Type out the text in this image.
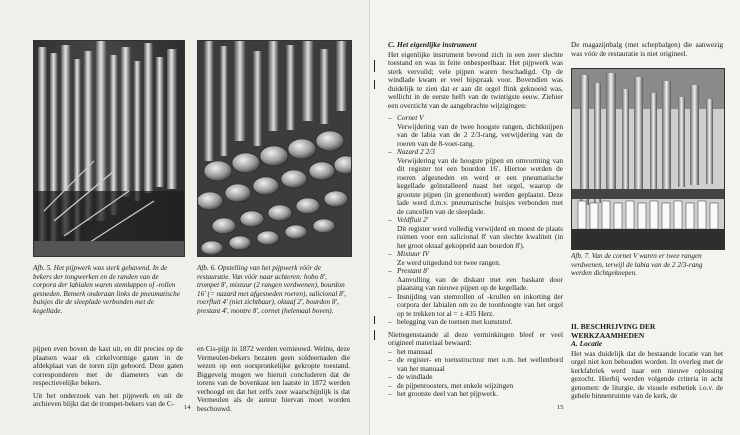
Afb. 5. Het pijpwerk was sterk gehavend. In de bekers der tongwerken en de randen van de corpora der labialen waren stemlappen of -rollen gesneden. Bemerk onderaan links de pneumatische buisjes die de sleeplade verbonden met de kegellade.
Afb. 6. Opstelling van het pijpwerk vóór de restauratie. Van vóór naar achteren: hobo 8', trompet 8', mixtuur (2 rangen verdwenen), bourdon 16' (= nazard met afgesneden roeren), salicional 8', roerfluit 4' (niet zichtbaar), oktaaf 2', bourdon 8', prestant 4', montre 8', cornet (helemaal boven).

pijpen even boven de kast uit, en dit precies op de plaatsen waar ek cirkelvormige gaten in de afdekplaat van de toren zijn geboord. Deze gaten corresponderen met de diameters van de respectievelijke bekers.

Uit het onderzoek van het pijpwerk en uit de archieven blijkt dat de trompet-bekers van de C-

en Cis-pijp in 1872 werden vernieuwd. Welnu, deze Vermeulen-bekers bezaten geen soldeernaden die wezen op een oorspronkelijke gekropte toestand. Biggevelg mogen we hieruit concluderen dat de torens van de bovenkast ten laatste in 1872 werden verhoogd en dat het zelfs zeer waarschijnlijk is dat Vermeulen als de auteur hiervan moet worden beschouwd.

14
C. Het eigenlijke instrument

Het eigenlijke instrument bevond zich in een zeer slechte toestand en was in feite onbespeelbaar. Het pijpwerk was sterk vervuild; vele pijpen waren beschadigd. Op de windlade kwam er veel bijspraak voor. Bovendien was duidelijk te zien dat er aan dit orgel flink geknoeid was, wellicht in de eerste helft van de twintigste eeuw. Ziehier een overzicht van de aangebrachte wijzigingen:

– Cornet V
Verwijdering van de twee hoogste rangen, dichtknijpen van de labia van de 2 2/3-rang, verwijdering van de roeren van de 8-voet-rang.
– Nazard 2 2/3
Verwijdering van de hoogste pijpen en omvorming van dit register tot een bourdon 16'. Hiertoe werden de roeren afgesneden en werd er een pneumatische kegellade geïnstalleerd naast het orgel, waarop de grootste pijpen (in grenenhout) werden geplaatst. Deze lade werd d.m.v. pneumatische buisjes verbonden met de cancellen van de sleeplade.
– Veldfluit 2'
Dit register werd volledig verwijderd en moest de plaats ruimen voor een salicional 8' van slechte kwaliteit (in het groot oktaaf gekoppeld aan bourdon 8').
– Mixtuur IV
Ze werd uitgedund tot twee rangen.
– Prestant 8'
Aanvulling van de diskant met een baskant door plaatsing van nieuwe pijpen op de kegellade.
– Insnijding van stemrollen of -krullen en inkorting der corpora der labialen om zo de toonhoogte van het orgel op te trekken tot al = ± 435 Herz.
– belegging van de toetsen met kunststof.

Niettegenstaande al deze verminkingen bleef er veel origineel materiaal bewaard:

– het manuaal
– de register- en toetsstructuur met o.m. het wellenbord van het manuaal
– de windlade
– de pijpenroosters, met enkele wijzingen
– het grootste deel van het pijpwerk.
De magazijnbalg (met schepbalgen) die aanwezig was vóór de restauratie is niet origineel.
Afb. 7. Van de cornet V waren er twee rangen verdwenen, terwijl de labia van de 2 2/3-rang werden dichtgeknepen.
II. BESCHRIJVING DER
WERKZAAMHEDEN
A. Locatie

Het was duidelijk dat de bestaande locatie van het orgel niet kon behouden worden. In overleg met de kerkfabriek werd naar een nieuwe oplossing gezocht. Hierbij werden volgende criteria in acht genomen: de liturgie, de visuele esthetiek i.o.v. de gehele binnenruimte van de kerk, de

15
